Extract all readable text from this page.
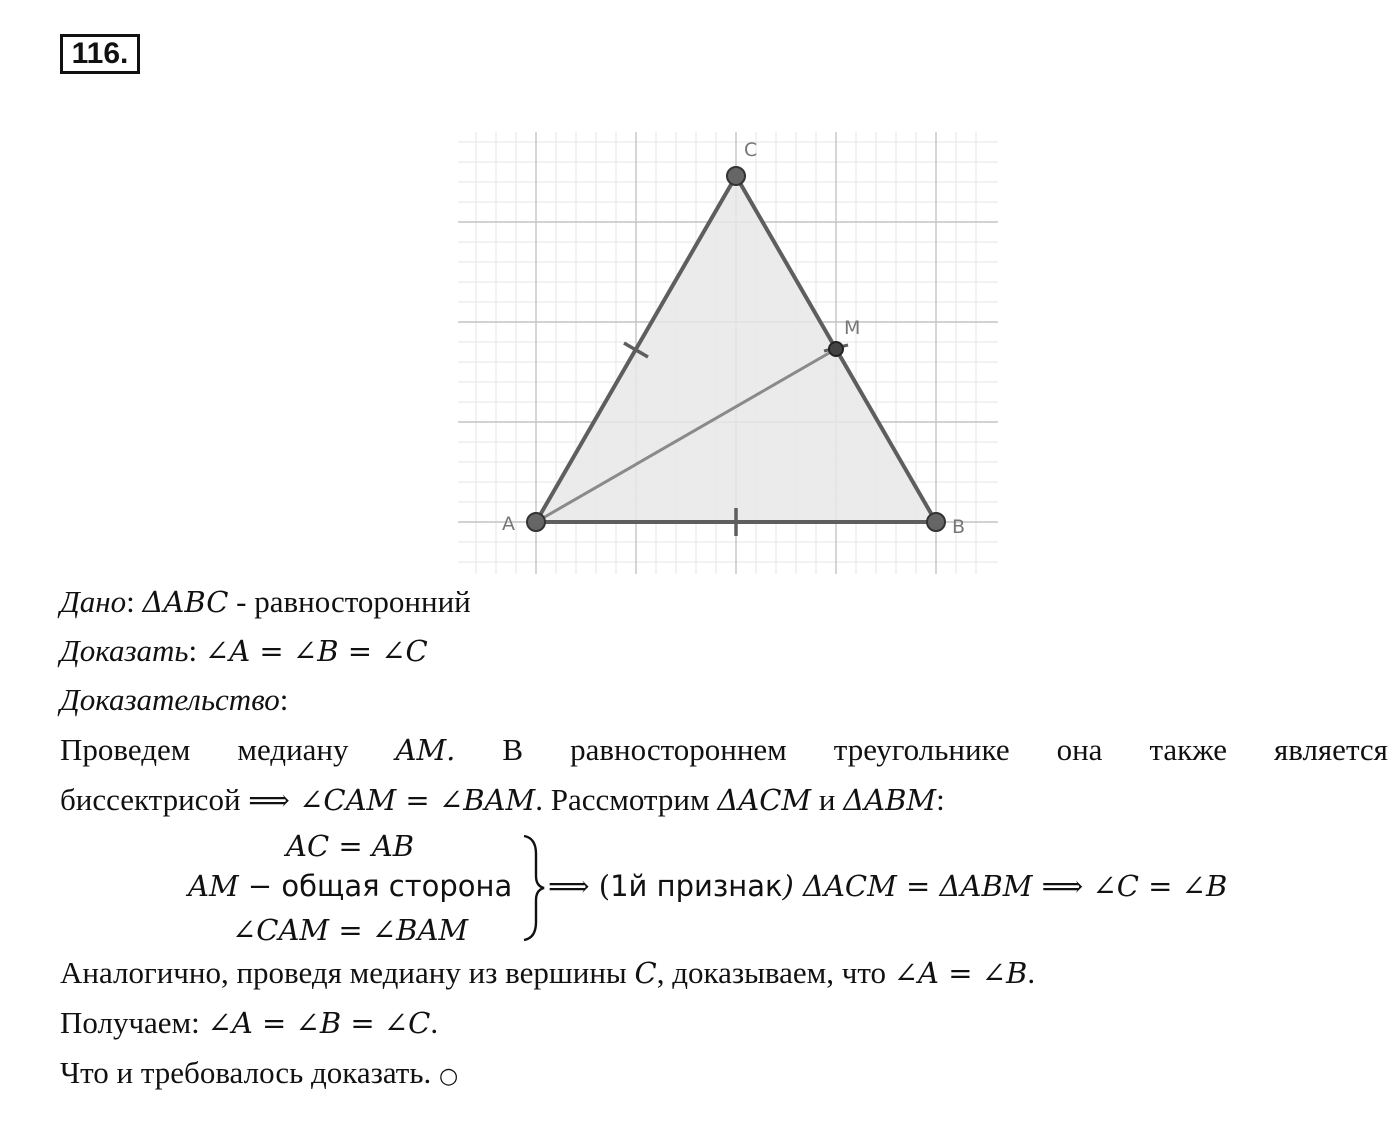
116.
A	B
C
M
Дано: ΔABC - равносторонний
Доказать: ∠A = ∠B = ∠C
Доказательство:
Проведем медиану AM. В равностороннем треугольнике она также является
биссектрисой ⟹ ∠CAM = ∠BAM. Рассмотрим ΔACM и ΔABM:
AC = AB
AM − общая сторона
∠CAM = ∠BAM
⟹ (1й признак) ΔACM = ΔABM ⟹ ∠C = ∠B
Аналогично, проведя медиану из вершины C, доказываем, что ∠A = ∠B.
Получаем: ∠A = ∠B = ∠C.
Что и требовалось доказать. ○
